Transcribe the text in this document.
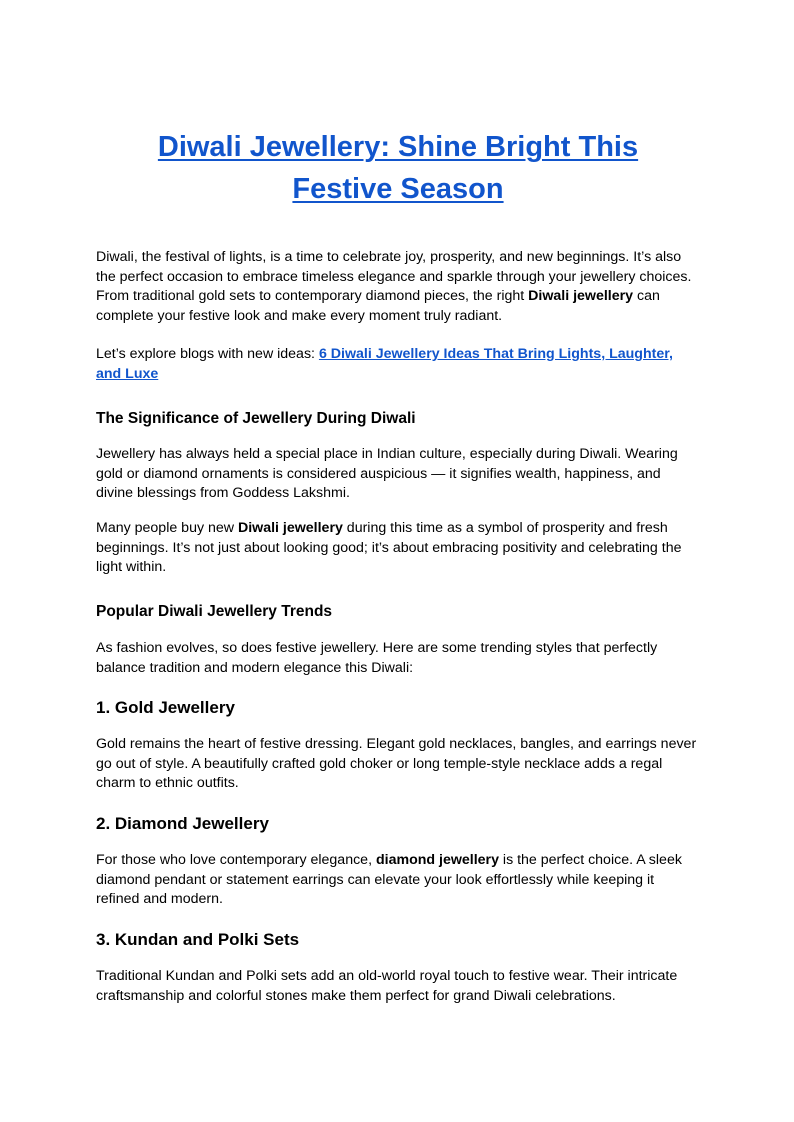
Diwali Jewellery: Shine Bright This
Festive Season

Diwali, the festival of lights, is a time to celebrate joy, prosperity, and new beginnings. It’s also the perfect occasion to embrace timeless elegance and sparkle through your jewellery choices. From traditional gold sets to contemporary diamond pieces, the right Diwali jewellery can complete your festive look and make every moment truly radiant.

Let’s explore blogs with new ideas: 6 Diwali Jewellery Ideas That Bring Lights, Laughter, and Luxe

The Significance of Jewellery During Diwali

Jewellery has always held a special place in Indian culture, especially during Diwali. Wearing gold or diamond ornaments is considered auspicious — it signifies wealth, happiness, and divine blessings from Goddess Lakshmi.

Many people buy new Diwali jewellery during this time as a symbol of prosperity and fresh beginnings. It’s not just about looking good; it’s about embracing positivity and celebrating the light within.

Popular Diwali Jewellery Trends

As fashion evolves, so does festive jewellery. Here are some trending styles that perfectly balance tradition and modern elegance this Diwali:

1. Gold Jewellery

Gold remains the heart of festive dressing. Elegant gold necklaces, bangles, and earrings never go out of style. A beautifully crafted gold choker or long temple-style necklace adds a regal charm to ethnic outfits.

2. Diamond Jewellery

For those who love contemporary elegance, diamond jewellery is the perfect choice. A sleek diamond pendant or statement earrings can elevate your look effortlessly while keeping it refined and modern.

3. Kundan and Polki Sets

Traditional Kundan and Polki sets add an old-world royal touch to festive wear. Their intricate craftsmanship and colorful stones make them perfect for grand Diwali celebrations.
